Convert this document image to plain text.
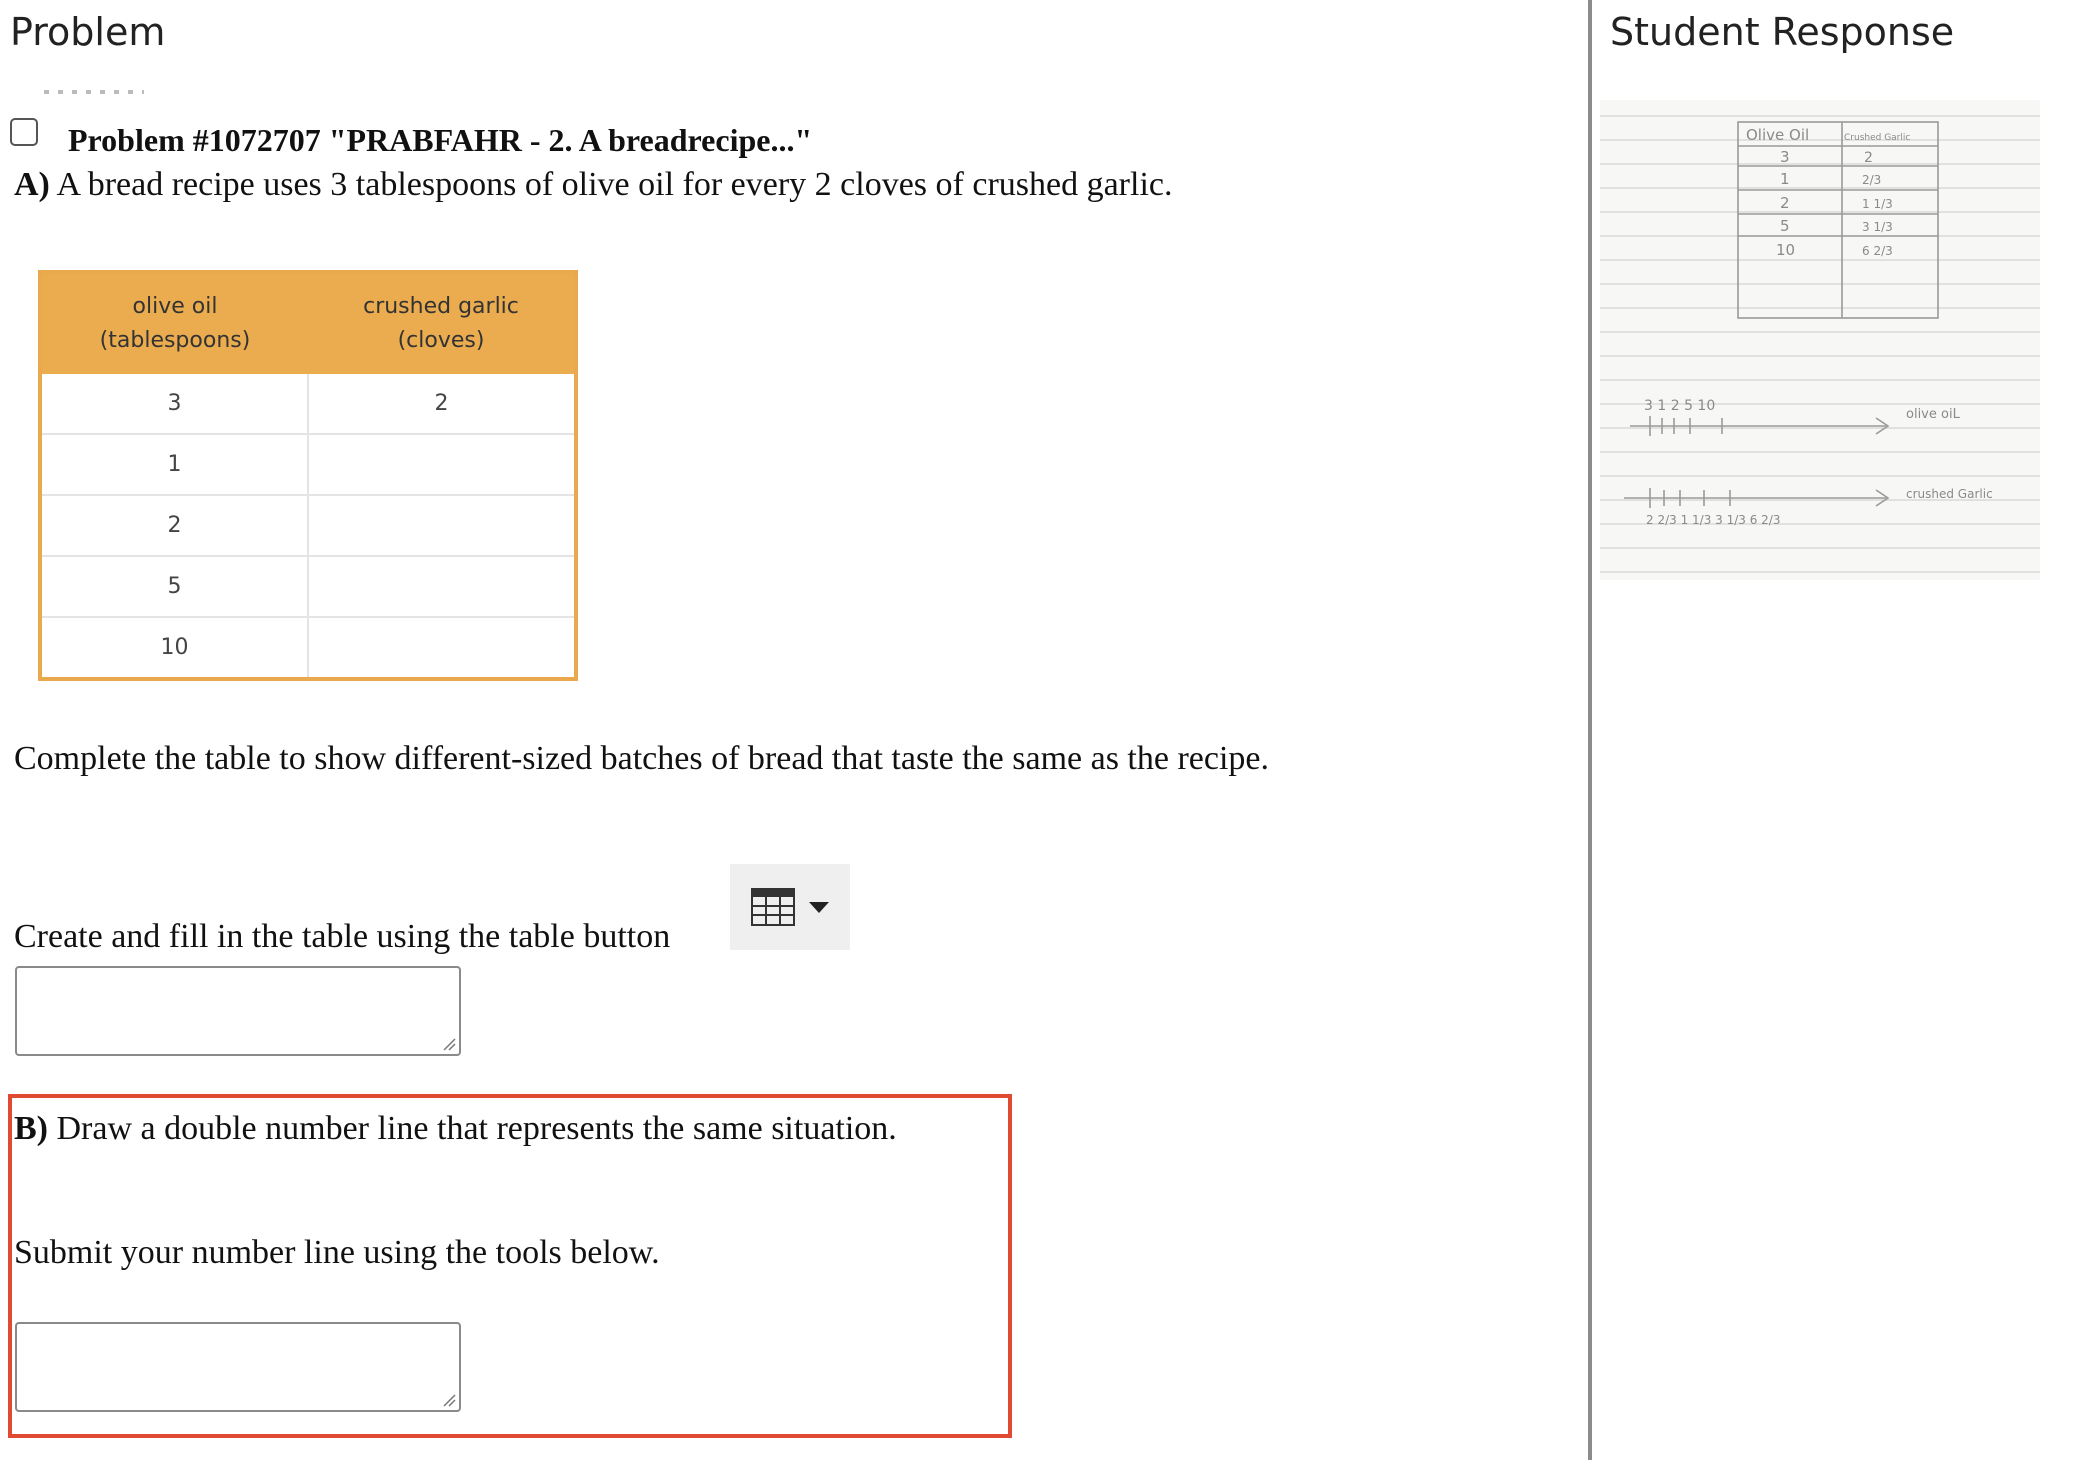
Problem
Problem #1072707 "PRABFAHR - 2. A breadrecipe..."
A) A bread recipe uses 3 tablespoons of olive oil for every 2 cloves of crushed garlic.
olive oil
(tablespoons)
crushed garlic
(cloves)
3	2
1
2
5
10
Complete the table to show different-sized batches of bread that taste the same as the recipe.
Create and fill in the table using the table button
B) Draw a double number line that represents the same situation.
Submit your number line using the tools below.
Student Response
Olive Oil	Crushed Garlic
3
1
2
5
10
2
2/3
1 1/3
3 1/3
6 2/3
3 1 2 5 10
olive oiL
2 2/3 1 1/3 3 1/3 6 2/3
crushed Garlic
